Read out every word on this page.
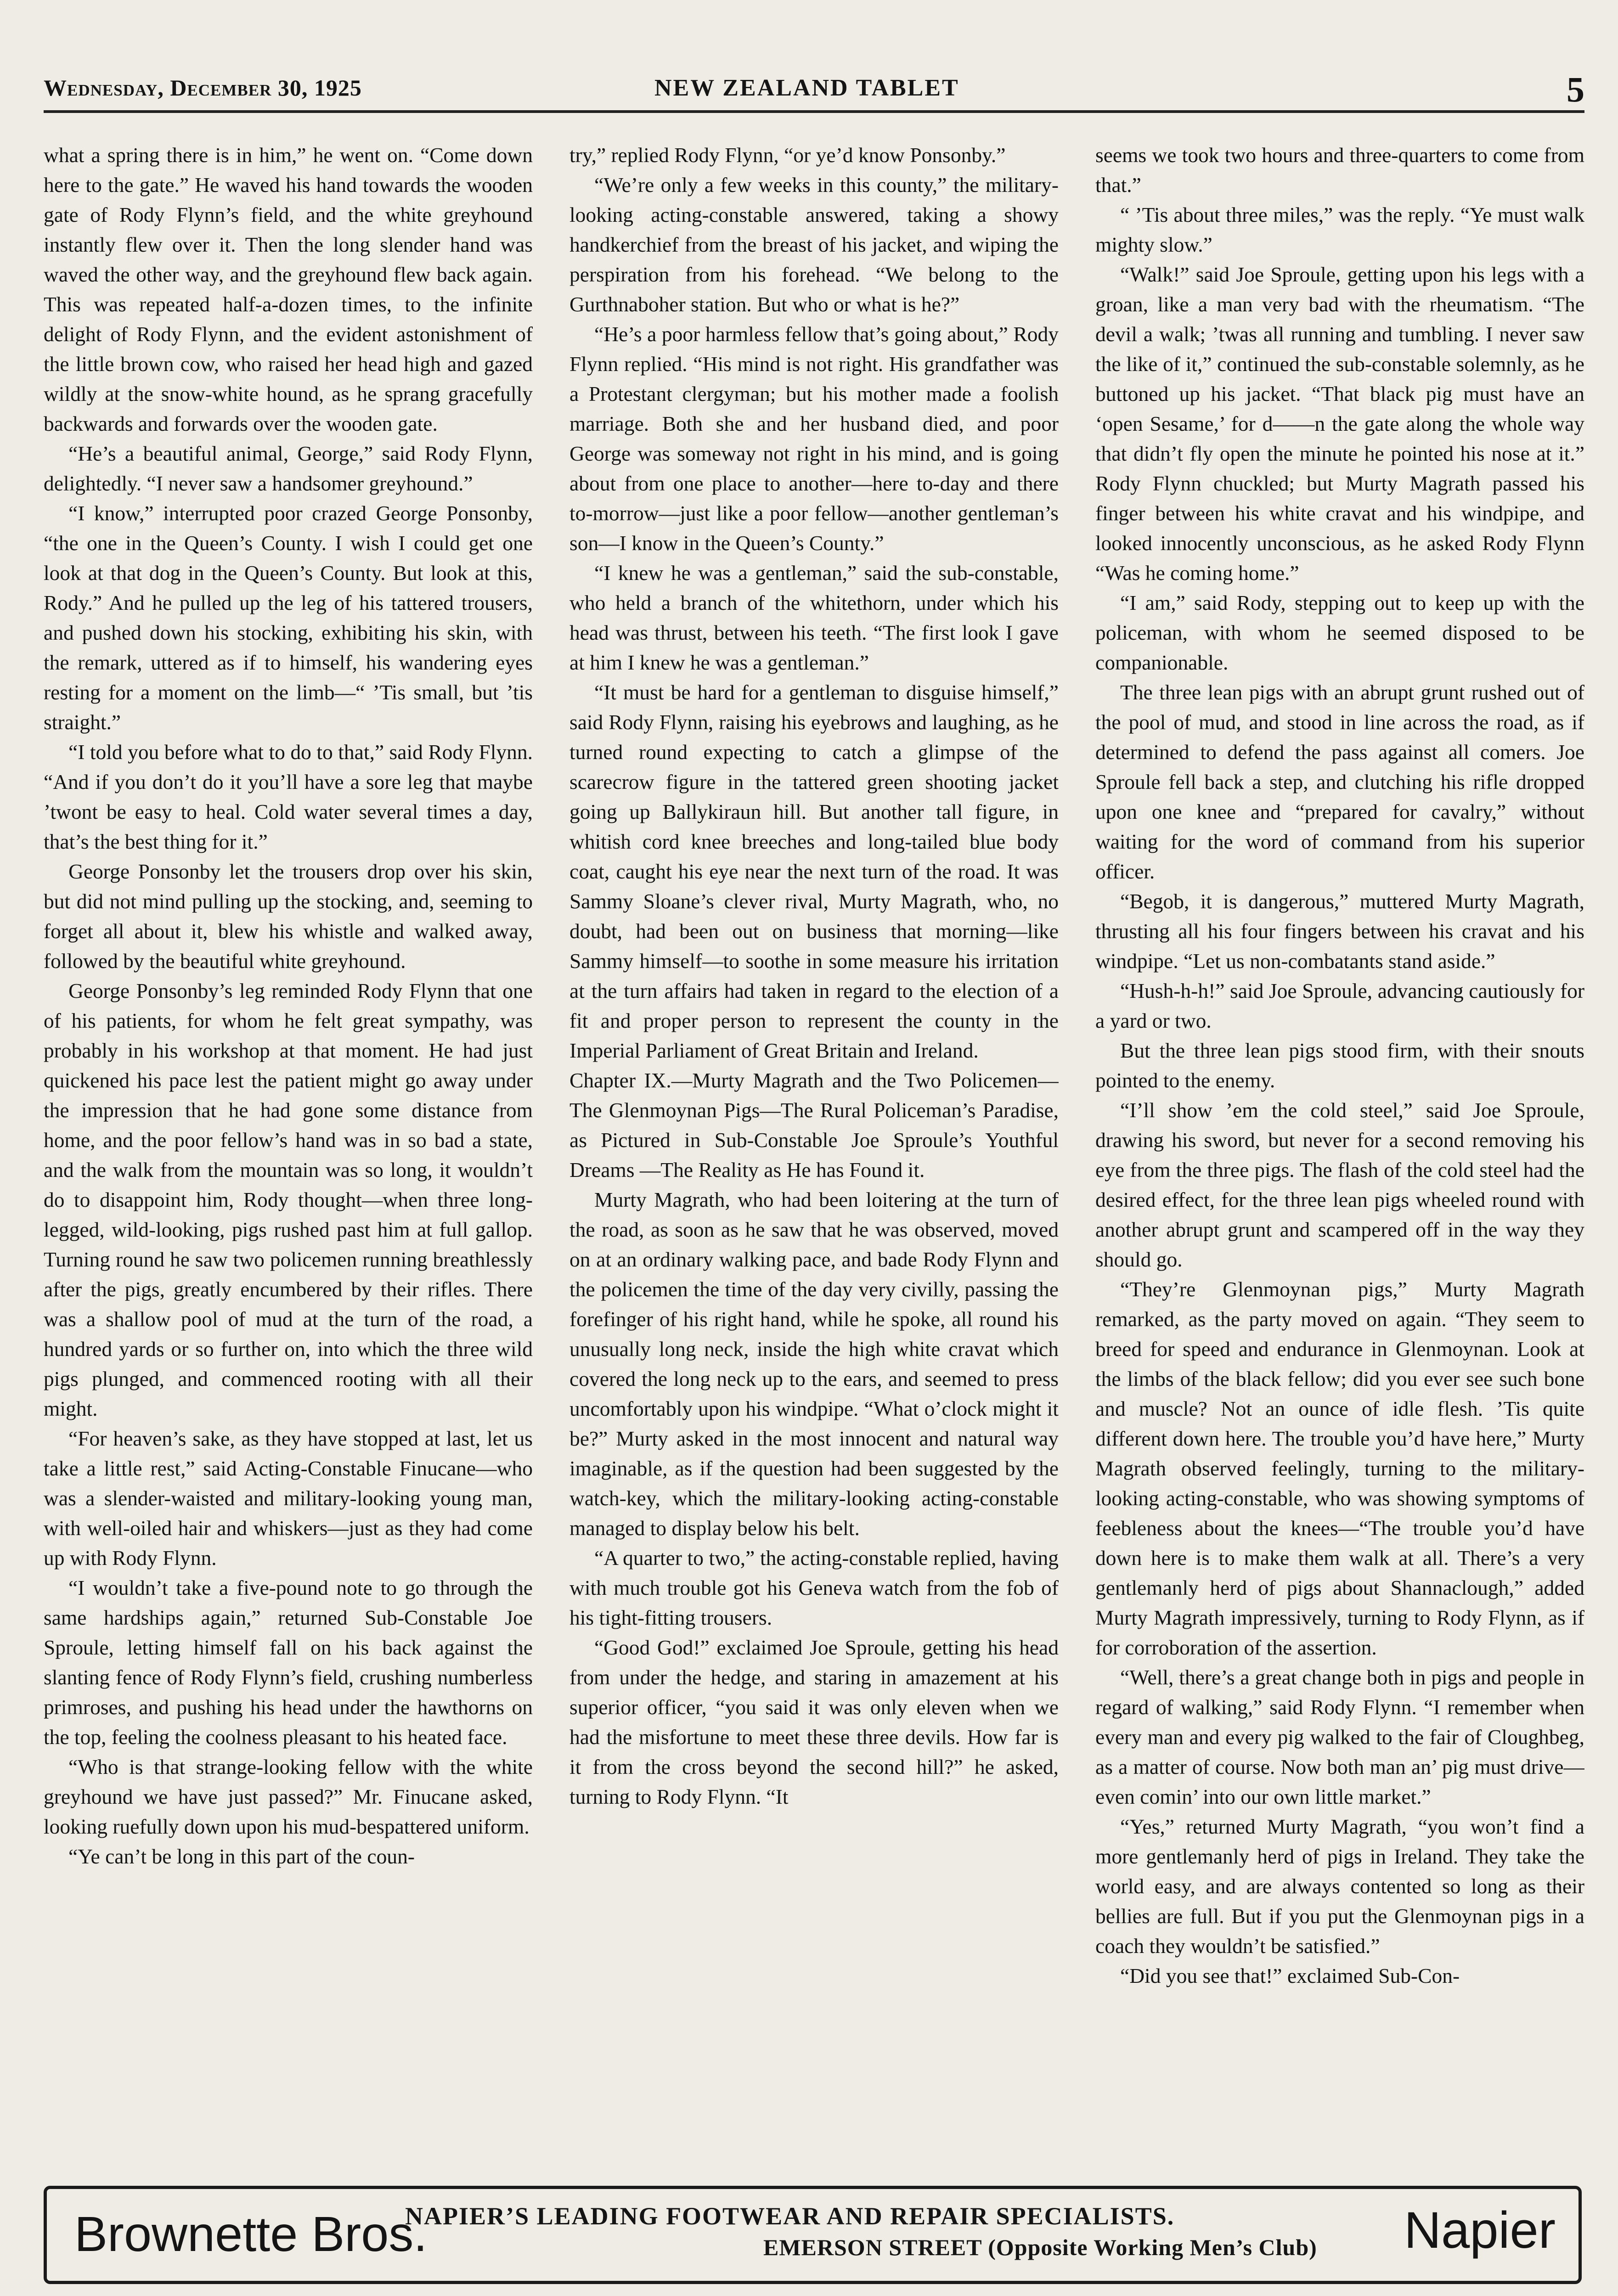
Wednesday, December 30, 1925	NEW ZEALAND TABLET	5

what a spring there is in him,” he went on. “Come down here to the gate.” He waved his hand towards the wooden gate of Rody Flynn’s field, and the white greyhound instantly flew over it. Then the long slender hand was waved the other way, and the greyhound flew back again. This was repeated half-a-dozen times, to the infinite delight of Rody Flynn, and the evident astonishment of the little brown cow, who raised her head high and gazed wildly at the snow-white hound, as he sprang gracefully backwards and forwards over the wooden gate.

“He’s a beautiful animal, George,” said Rody Flynn, delightedly. “I never saw a handsomer greyhound.”

“I know,” interrupted poor crazed George Ponsonby, “the one in the Queen’s County. I wish I could get one look at that dog in the Queen’s County. But look at this, Rody.” And he pulled up the leg of his tattered trousers, and pushed down his stocking, exhibiting his skin, with the remark, uttered as if to himself, his wandering eyes resting for a moment on the limb—“ ’Tis small, but ’tis straight.”

“I told you before what to do to that,” said Rody Flynn. “And if you don’t do it you’ll have a sore leg that maybe ’twont be easy to heal. Cold water several times a day, that’s the best thing for it.”

George Ponsonby let the trousers drop over his skin, but did not mind pulling up the stocking, and, seeming to forget all about it, blew his whistle and walked away, followed by the beautiful white greyhound.

George Ponsonby’s leg reminded Rody Flynn that one of his patients, for whom he felt great sympathy, was probably in his workshop at that moment. He had just quickened his pace lest the patient might go away under the impression that he had gone some distance from home, and the poor fellow’s hand was in so bad a state, and the walk from the mountain was so long, it wouldn’t do to disappoint him, Rody thought—when three long-legged, wild-looking, pigs rushed past him at full gallop. Turning round he saw two policemen running breathlessly after the pigs, greatly encumbered by their rifles. There was a shallow pool of mud at the turn of the road, a hundred yards or so further on, into which the three wild pigs plunged, and commenced rooting with all their might.

“For heaven’s sake, as they have stopped at last, let us take a little rest,” said Acting-Constable Finucane—who was a slender-waisted and military-looking young man, with well-oiled hair and whiskers—just as they had come up with Rody Flynn.

“I wouldn’t take a five-pound note to go through the same hardships again,” returned Sub-Constable Joe Sproule, letting himself fall on his back against the slanting fence of Rody Flynn’s field, crushing numberless primroses, and pushing his head under the hawthorns on the top, feeling the coolness pleasant to his heated face.

“Who is that strange-looking fellow with the white greyhound we have just passed?” Mr. Finucane asked, looking ruefully down upon his mud-bespattered uniform.

“Ye can’t be long in this part of the coun-

try,” replied Rody Flynn, “or ye’d know Ponsonby.”

“We’re only a few weeks in this county,” the military-looking acting-constable answered, taking a showy handkerchief from the breast of his jacket, and wiping the perspiration from his forehead. “We belong to the Gurthnaboher station. But who or what is he?”

“He’s a poor harmless fellow that’s going about,” Rody Flynn replied. “His mind is not right. His grandfather was a Protestant clergyman; but his mother made a foolish marriage. Both she and her husband died, and poor George was someway not right in his mind, and is going about from one place to another—here to-day and there to-morrow—just like a poor fellow—another gentleman’s son—I know in the Queen’s County.”

“I knew he was a gentleman,” said the sub-constable, who held a branch of the whitethorn, under which his head was thrust, between his teeth. “The first look I gave at him I knew he was a gentleman.”

“It must be hard for a gentleman to disguise himself,” said Rody Flynn, raising his eyebrows and laughing, as he turned round expecting to catch a glimpse of the scarecrow figure in the tattered green shooting jacket going up Ballykiraun hill. But another tall figure, in whitish cord knee breeches and long-tailed blue body coat, caught his eye near the next turn of the road. It was Sammy Sloane’s clever rival, Murty Magrath, who, no doubt, had been out on business that morning—like Sammy himself—to soothe in some measure his irritation at the turn affairs had taken in regard to the election of a fit and proper person to represent the county in the Imperial Parliament of Great Britain and Ireland.

Chapter IX.—Murty Magrath and the Two Policemen—The Glenmoynan Pigs—The Rural Policeman’s Paradise, as Pictured in Sub-Constable Joe Sproule’s Youthful Dreams —The Reality as He has Found it.

Murty Magrath, who had been loitering at the turn of the road, as soon as he saw that he was observed, moved on at an ordinary walking pace, and bade Rody Flynn and the policemen the time of the day very civilly, passing the forefinger of his right hand, while he spoke, all round his unusually long neck, inside the high white cravat which covered the long neck up to the ears, and seemed to press uncomfortably upon his windpipe. “What o’clock might it be?” Murty asked in the most innocent and natural way imaginable, as if the question had been suggested by the watch-key, which the military-looking acting-constable managed to display below his belt.

“A quarter to two,” the acting-constable replied, having with much trouble got his Geneva watch from the fob of his tight-fitting trousers.

“Good God!” exclaimed Joe Sproule, getting his head from under the hedge, and staring in amazement at his superior officer, “you said it was only eleven when we had the misfortune to meet these three devils. How far is it from the cross beyond the second hill?” he asked, turning to Rody Flynn. “It

seems we took two hours and three-quarters to come from that.”

“ ’Tis about three miles,” was the reply. “Ye must walk mighty slow.”

“Walk!” said Joe Sproule, getting upon his legs with a groan, like a man very bad with the rheumatism. “The devil a walk; ’twas all running and tumbling. I never saw the like of it,” continued the sub-constable solemnly, as he buttoned up his jacket. “That black pig must have an ‘open Sesame,’ for d——n the gate along the whole way that didn’t fly open the minute he pointed his nose at it.” Rody Flynn chuckled; but Murty Magrath passed his finger between his white cravat and his windpipe, and looked innocently unconscious, as he asked Rody Flynn “Was he coming home.”

“I am,” said Rody, stepping out to keep up with the policeman, with whom he seemed disposed to be companionable.

The three lean pigs with an abrupt grunt rushed out of the pool of mud, and stood in line across the road, as if determined to defend the pass against all comers. Joe Sproule fell back a step, and clutching his rifle dropped upon one knee and “prepared for cavalry,” without waiting for the word of command from his superior officer.

“Begob, it is dangerous,” muttered Murty Magrath, thrusting all his four fingers between his cravat and his windpipe. “Let us non-combatants stand aside.”

“Hush-h-h!” said Joe Sproule, advancing cautiously for a yard or two.

But the three lean pigs stood firm, with their snouts pointed to the enemy.

“I’ll show ’em the cold steel,” said Joe Sproule, drawing his sword, but never for a second removing his eye from the three pigs. The flash of the cold steel had the desired effect, for the three lean pigs wheeled round with another abrupt grunt and scampered off in the way they should go.

“They’re Glenmoynan pigs,” Murty Magrath remarked, as the party moved on again. “They seem to breed for speed and endurance in Glenmoynan. Look at the limbs of the black fellow; did you ever see such bone and muscle? Not an ounce of idle flesh. ’Tis quite different down here. The trouble you’d have here,” Murty Magrath observed feelingly, turning to the military-looking acting-constable, who was showing symptoms of feebleness about the knees—“The trouble you’d have down here is to make them walk at all. There’s a very gentlemanly herd of pigs about Shannaclough,” added Murty Magrath impressively, turning to Rody Flynn, as if for corroboration of the assertion.

“Well, there’s a great change both in pigs and people in regard of walking,” said Rody Flynn. “I remember when every man and every pig walked to the fair of Cloughbeg, as a matter of course. Now both man an’ pig must drive—even comin’ into our own little market.”

“Yes,” returned Murty Magrath, “you won’t find a more gentlemanly herd of pigs in Ireland. They take the world easy, and are always contented so long as their bellies are full. But if you put the Glenmoynan pigs in a coach they wouldn’t be satisfied.”

“Did you see that!” exclaimed Sub-Con-

Brownette Bros.
NAPIER’S LEADING FOOTWEAR AND REPAIR SPECIALISTS.
EMERSON STREET (Opposite Working Men’s Club) Napier
